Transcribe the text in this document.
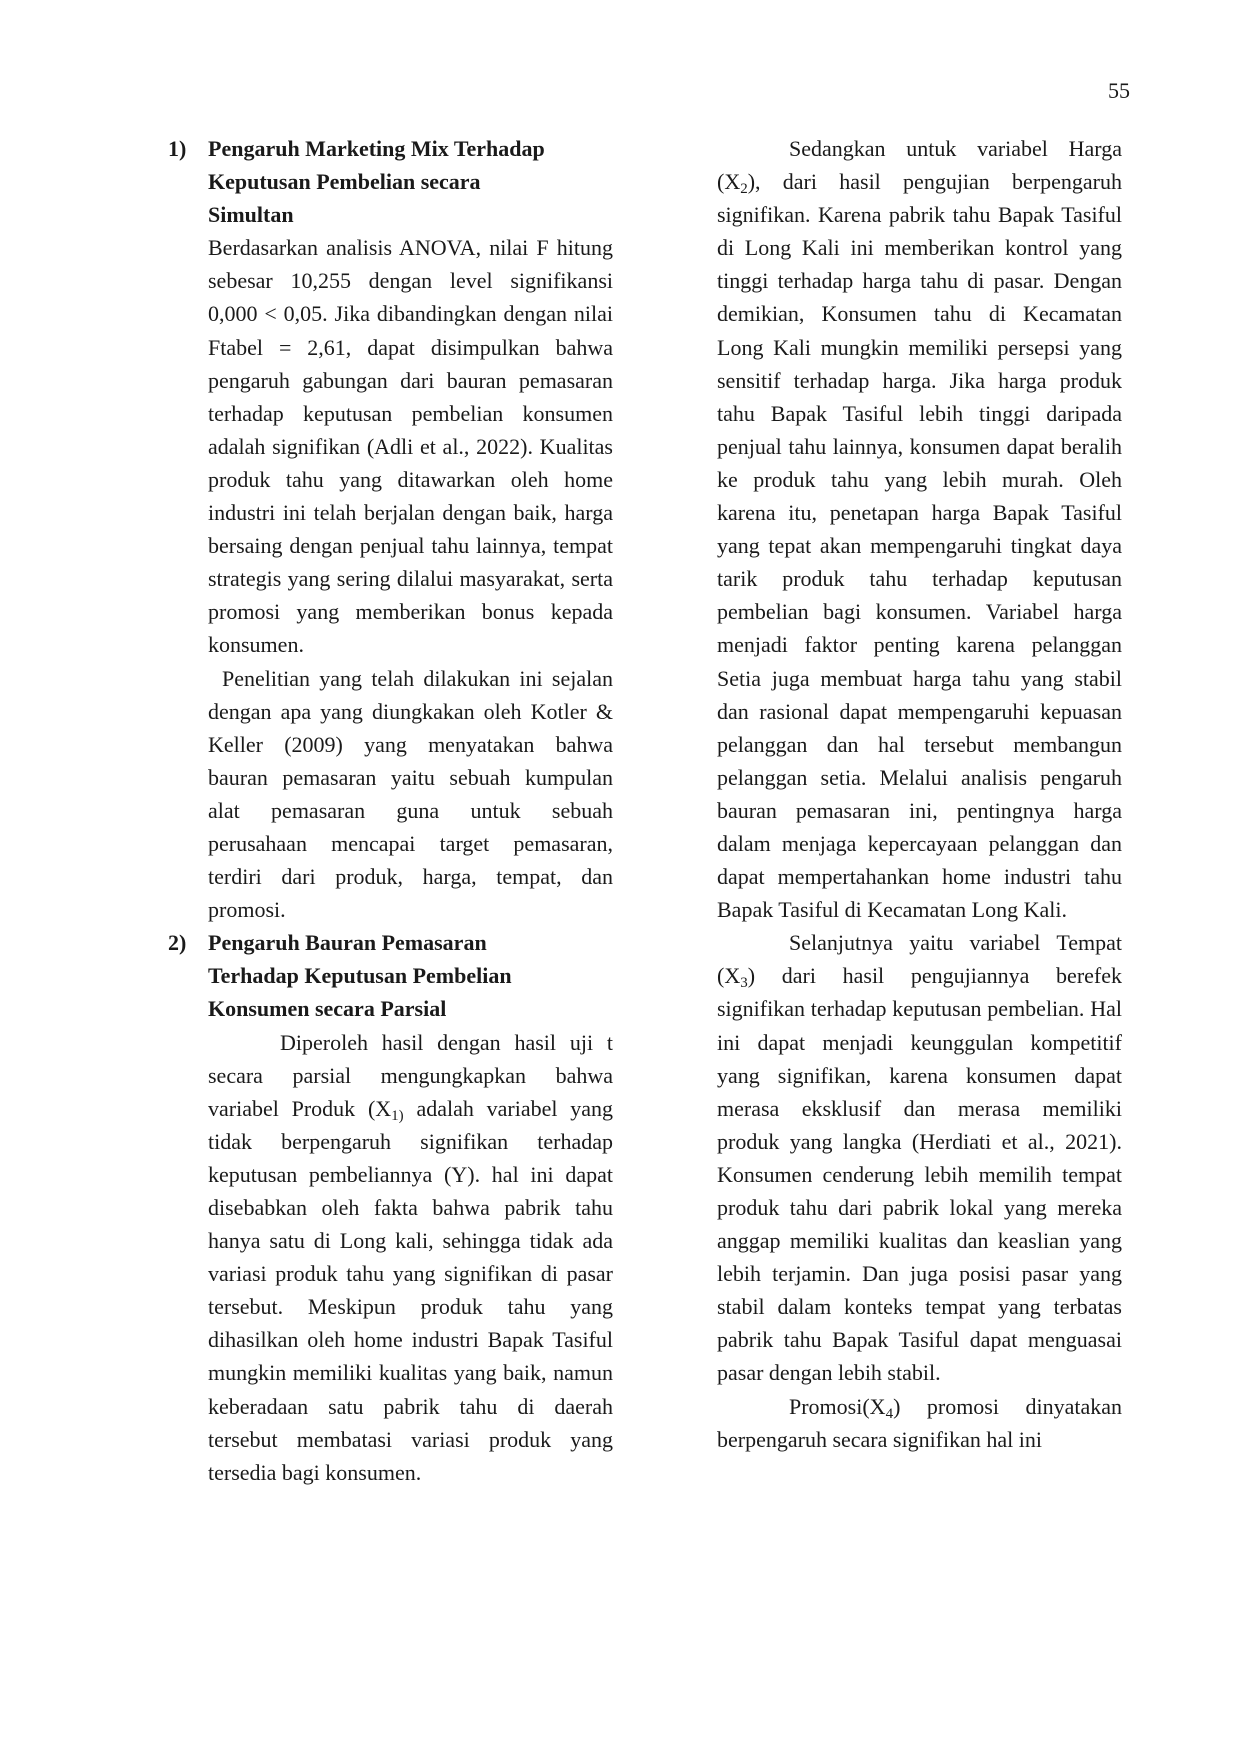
55
1) Pengaruh Marketing Mix Terhadap
Keputusan Pembelian secara
Simultan

Berdasarkan analisis ANOVA, nilai F hitung sebesar 10,255 dengan level signifikansi 0,000 < 0,05. Jika dibandingkan dengan nilai Ftabel = 2,61, dapat disimpulkan bahwa pengaruh gabungan dari bauran pemasaran terhadap keputusan pembelian konsumen adalah signifikan (Adli et al., 2022). Kualitas produk tahu yang ditawarkan oleh home industri ini telah berjalan dengan baik, harga bersaing dengan penjual tahu lainnya, tempat strategis yang sering dilalui masyarakat, serta promosi yang memberikan bonus kepada konsumen.

Penelitian yang telah dilakukan ini sejalan dengan apa yang diungkakan oleh Kotler & Keller (2009) yang menyatakan bahwa bauran pemasaran yaitu sebuah kumpulan alat pemasaran guna untuk sebuah perusahaan mencapai target pemasaran, terdiri dari produk, harga, tempat, dan promosi.

2) Pengaruh Bauran Pemasaran
Terhadap Keputusan Pembelian
Konsumen secara Parsial

Diperoleh hasil dengan hasil uji t secara parsial mengungkapkan bahwa variabel Produk ($X_{1)}$ adalah variabel yang tidak berpengaruh signifikan terhadap keputusan pembeliannya (Y). hal ini dapat disebabkan oleh fakta bahwa pabrik tahu hanya satu di Long kali, sehingga tidak ada variasi produk tahu yang signifikan di pasar tersebut. Meskipun produk tahu yang dihasilkan oleh home industri Bapak Tasiful mungkin memiliki kualitas yang baik, namun keberadaan satu pabrik tahu di daerah tersebut membatasi variasi produk yang tersedia bagi konsumen.

Sedangkan untuk variabel Harga $(X_2)$, dari hasil pengujian berpengaruh signifikan. Karena pabrik tahu Bapak Tasiful di Long Kali ini memberikan kontrol yang tinggi terhadap harga tahu di pasar. Dengan demikian, Konsumen tahu di Kecamatan Long Kali mungkin memiliki persepsi yang sensitif terhadap harga. Jika harga produk tahu Bapak Tasiful lebih tinggi daripada penjual tahu lainnya, konsumen dapat beralih ke produk tahu yang lebih murah. Oleh karena itu, penetapan harga Bapak Tasiful yang tepat akan mempengaruhi tingkat daya tarik produk tahu terhadap keputusan pembelian bagi konsumen. Variabel harga menjadi faktor penting karena pelanggan Setia juga membuat harga tahu yang stabil dan rasional dapat mempengaruhi kepuasan pelanggan dan hal tersebut membangun pelanggan setia. Melalui analisis pengaruh bauran pemasaran ini, pentingnya harga dalam menjaga kepercayaan pelanggan dan dapat mempertahankan home industri tahu Bapak Tasiful di Kecamatan Long Kali.

Selanjutnya yaitu variabel Tempat $(X_3)$ dari hasil pengujiannya berefek signifikan terhadap keputusan pembelian. Hal ini dapat menjadi keunggulan kompetitif yang signifikan, karena konsumen dapat merasa eksklusif dan merasa memiliki produk yang langka (Herdiati et al., 2021). Konsumen cenderung lebih memilih tempat produk tahu dari pabrik lokal yang mereka anggap memiliki kualitas dan keaslian yang lebih terjamin. Dan juga posisi pasar yang stabil dalam konteks tempat yang terbatas pabrik tahu Bapak Tasiful dapat menguasai pasar dengan lebih stabil.

$Promosi(X_4)$ promosi dinyatakan berpengaruh secara signifikan hal ini
